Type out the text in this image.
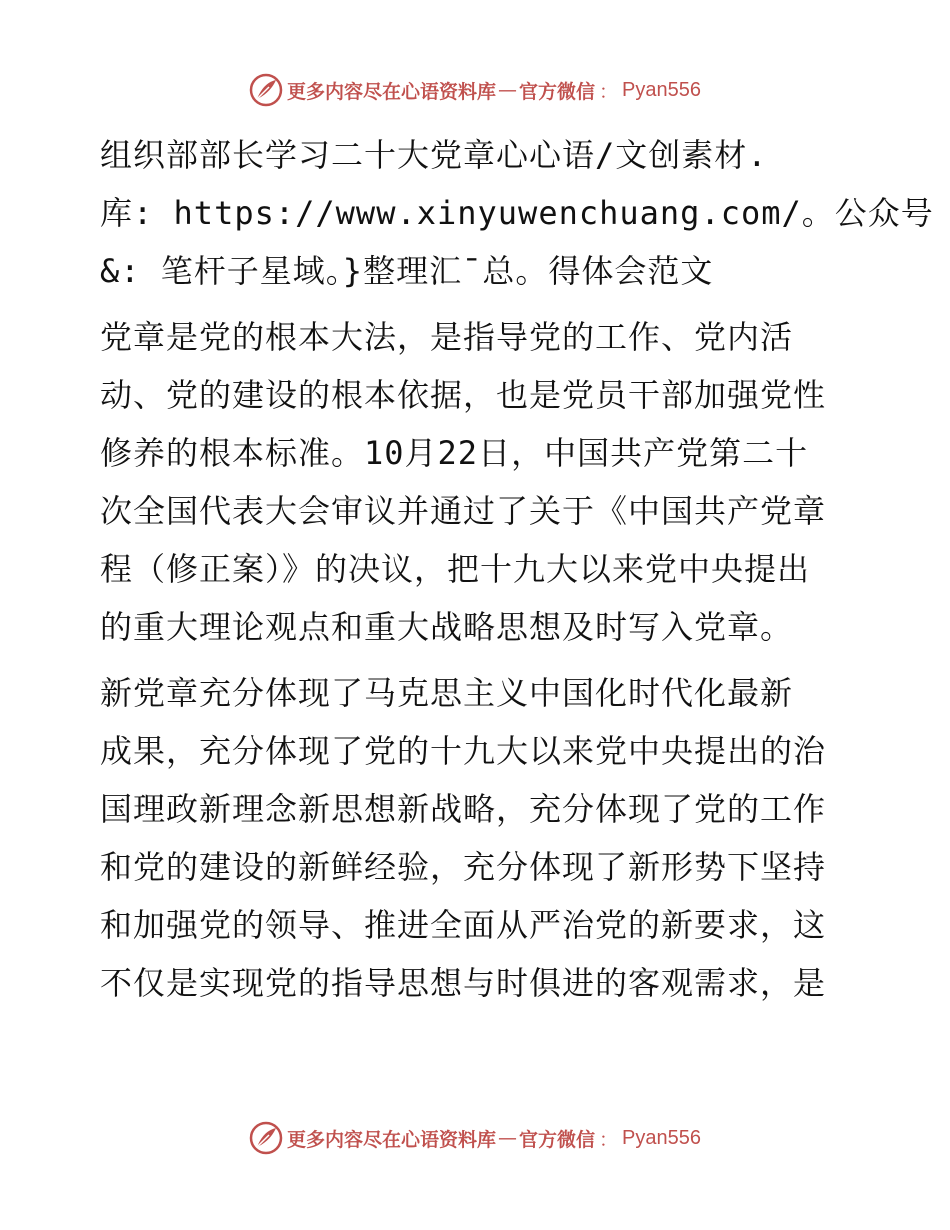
更多内容尽在心语资料库 — 官方微信 ： Pyan556
组织部部长学习二十大党章心心语/文创素材.
库: https://www.xinyuwenchuang.com/。公众号
&: 笔杆子星域。}整理汇¯总。得体会范文
党章是党的根本大法，是指导党的工作、党内活
动、党的建设的根本依据，也是党员干部加强党性
修养的根本标准。10月22日，中国共产党第二十
次全国代表大会审议并通过了关于《中国共产党章
程（修正案）》的决议，把十九大以来党中央提出
的重大理论观点和重大战略思想及时写入党章。
新党章充分体现了马克思主义中国化时代化最新
成果，充分体现了党的十九大以来党中央提出的治
国理政新理念新思想新战略，充分体现了党的工作
和党的建设的新鲜经验，充分体现了新形势下坚持
和加强党的领导、推进全面从严治党的新要求，这
不仅是实现党的指导思想与时俱进的客观需求，是
更多内容尽在心语资料库 — 官方微信 ： Pyan556
